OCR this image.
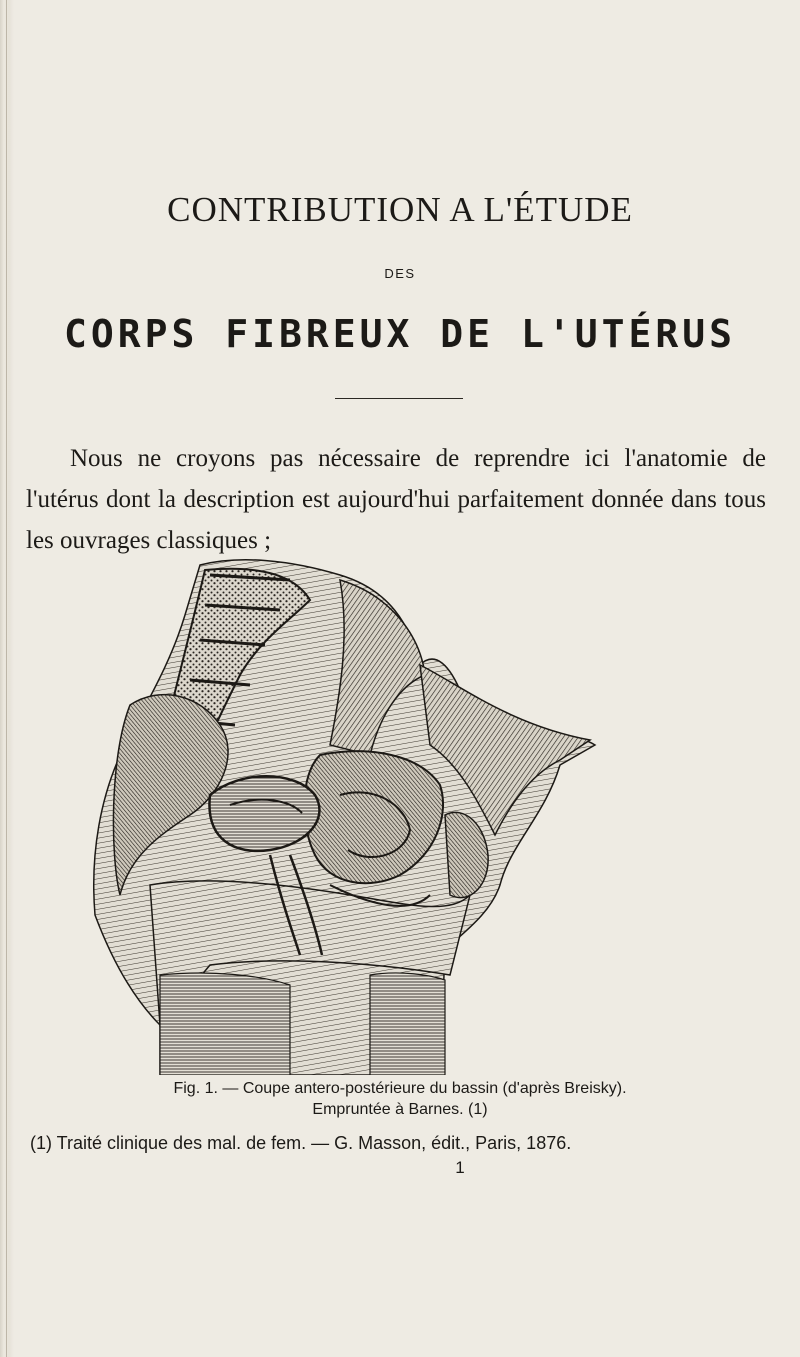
CONTRIBUTION A L'ÉTUDE
DES
CORPS FIBREUX DE L'UTÉRUS

Nous ne croyons pas nécessaire de reprendre ici l'anatomie de l'utérus dont la description est aujourd'hui parfaitement donnée dans tous les ouvrages classiques ;

Fig. 1. — Coupe antero-postérieure du bassin (d'après Breisky).
Empruntée à Barnes. (1)
(1) Traité clinique des mal. de fem. — G. Masson, édit., Paris, 1876.
1
